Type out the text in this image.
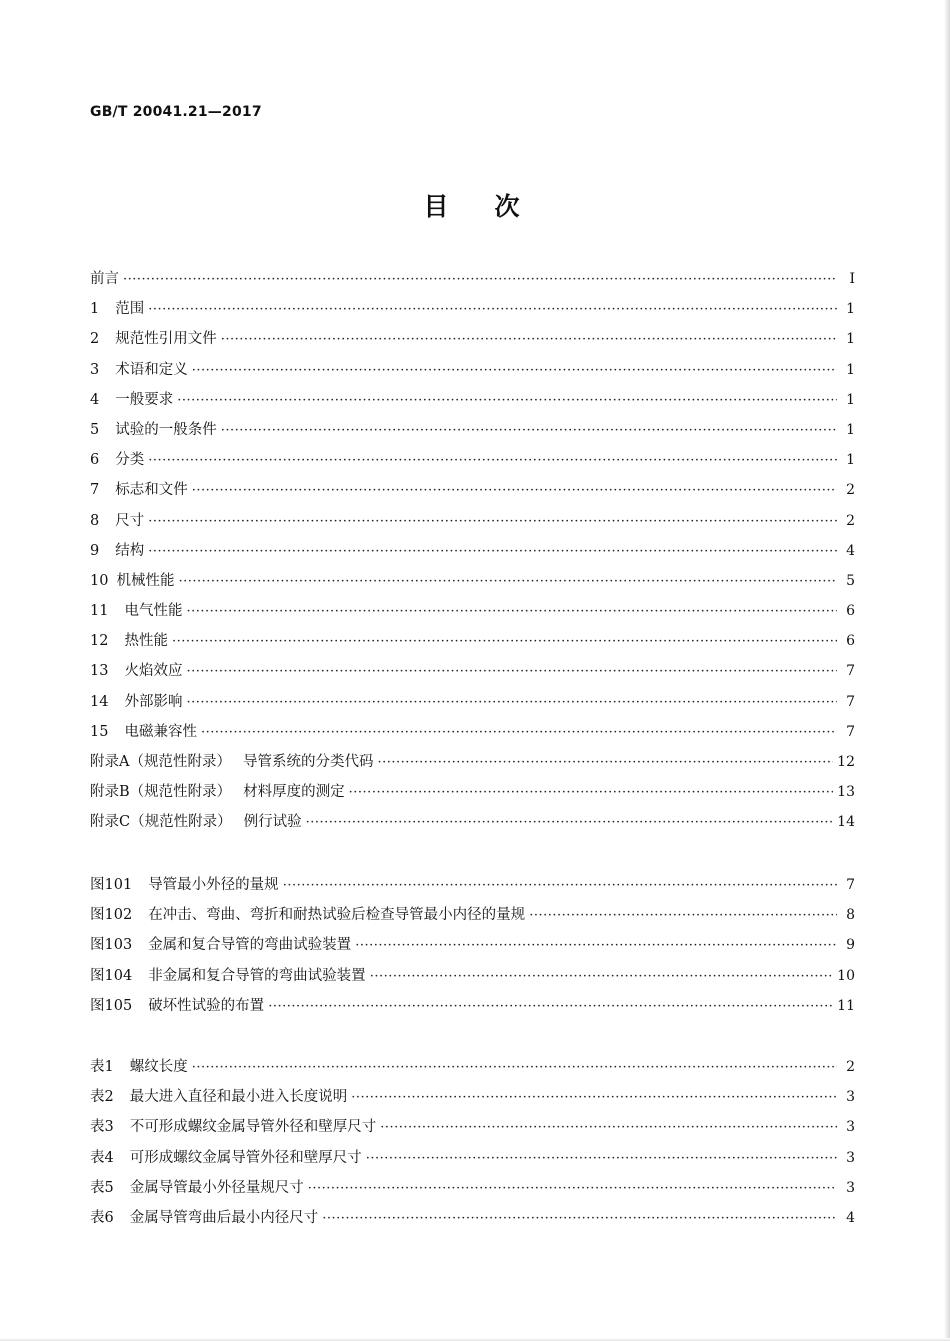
GB/T 20041.21—2017
目次
前言 ·····	Ⅰ
1 范围 ·····	1
2 规范性引用文件 ·····	1
3 术语和定义 ·····	1
4 一般要求 ·····	1
5 试验的一般条件 ·····	1
6 分类 ·····	1
7 标志和文件 ·····	2
8 尺寸 ·····	2
9 结构 ·····	4
10 机械性能 ·····	5
11 电气性能 ·····	6
12 热性能 ·····	6
13 火焰效应 ·····	7
14 外部影响 ·····	7
15 电磁兼容性 ·····	7
附录A（规范性附录） 导管系统的分类代码 ·····	12
附录B（规范性附录） 材料厚度的测定 ·····	13
附录C（规范性附录） 例行试验 ·····	14
图101 导管最小外径的量规 ·····	7
图102 在冲击、弯曲、弯折和耐热试验后检查导管最小内径的量规 ·····	8
图103 金属和复合导管的弯曲试验装置 ·····	9
图104 非金属和复合导管的弯曲试验装置 ·····	10
图105 破坏性试验的布置 ·····	11
表1 螺纹长度 ·····	2
表2 最大进入直径和最小进入长度说明 ·····	3
表3 不可形成螺纹金属导管外径和壁厚尺寸 ·····	3
表4 可形成螺纹金属导管外径和壁厚尺寸 ·····	3
表5 金属导管最小外径量规尺寸 ·····	3
表6 金属导管弯曲后最小内径尺寸 ·····	4
